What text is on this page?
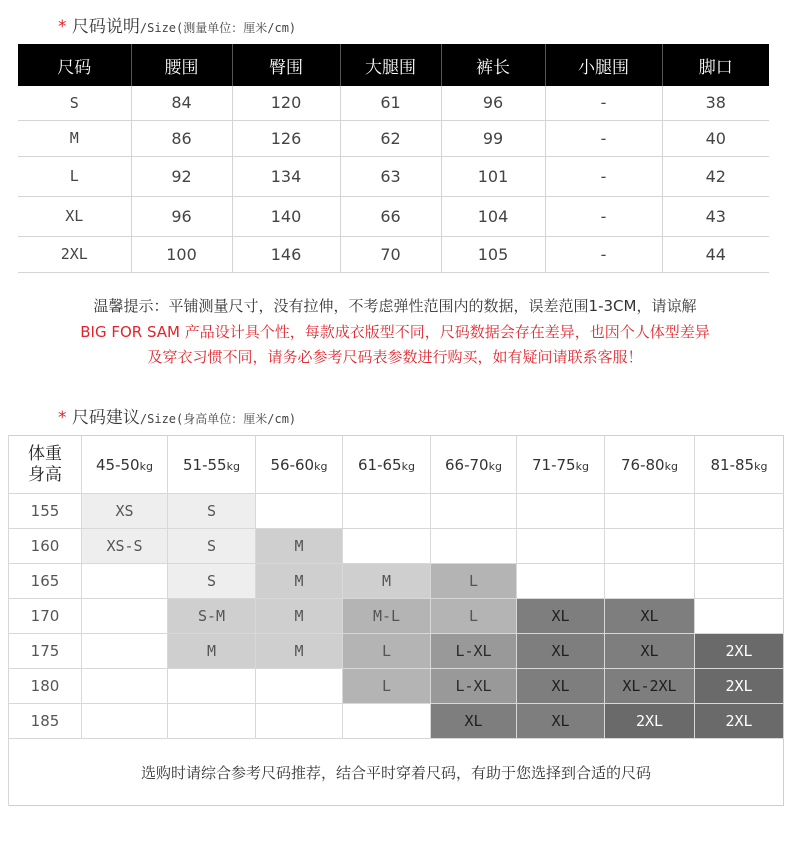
* 尺码说明/Size(测量单位：厘米/cm)
尺码	腰围	臀围	大腿围	裤长	小腿围	脚口
S	84	120	61	96	-	38
M	86	126	62	99	-	40
L	92	134	63	101	-	42
XL	96	140	66	104	-	43
2XL	100	146	70	105	-	44
温馨提示：平铺测量尺寸，没有拉伸，不考虑弹性范围内的数据，误差范围1-3CM，请谅解
BIG FOR SAM 产品设计具个性，每款成衣版型不同，尺码数据会存在差异，也因个人体型差异
及穿衣习惯不同，请务必参考尺码表参数进行购买，如有疑问请联系客服！
* 尺码建议/Size(身高单位：厘米/cm)
体重
身高	45-50kg	51-55kg	56-60kg	61-65kg	66-70kg	71-75kg	76-80kg	81-85kg
155	XS	S						
160	XS-S	S	M					
165		S	M	M	L			
170		S-M	M	M-L	L	XL	XL	
175		M	M	L	L-XL	XL	XL	2XL
180				L	L-XL	XL	XL-2XL	2XL
185					XL	XL	2XL	2XL
选购时请综合参考尺码推荐，结合平时穿着尺码，有助于您选择到合适的尺码								
